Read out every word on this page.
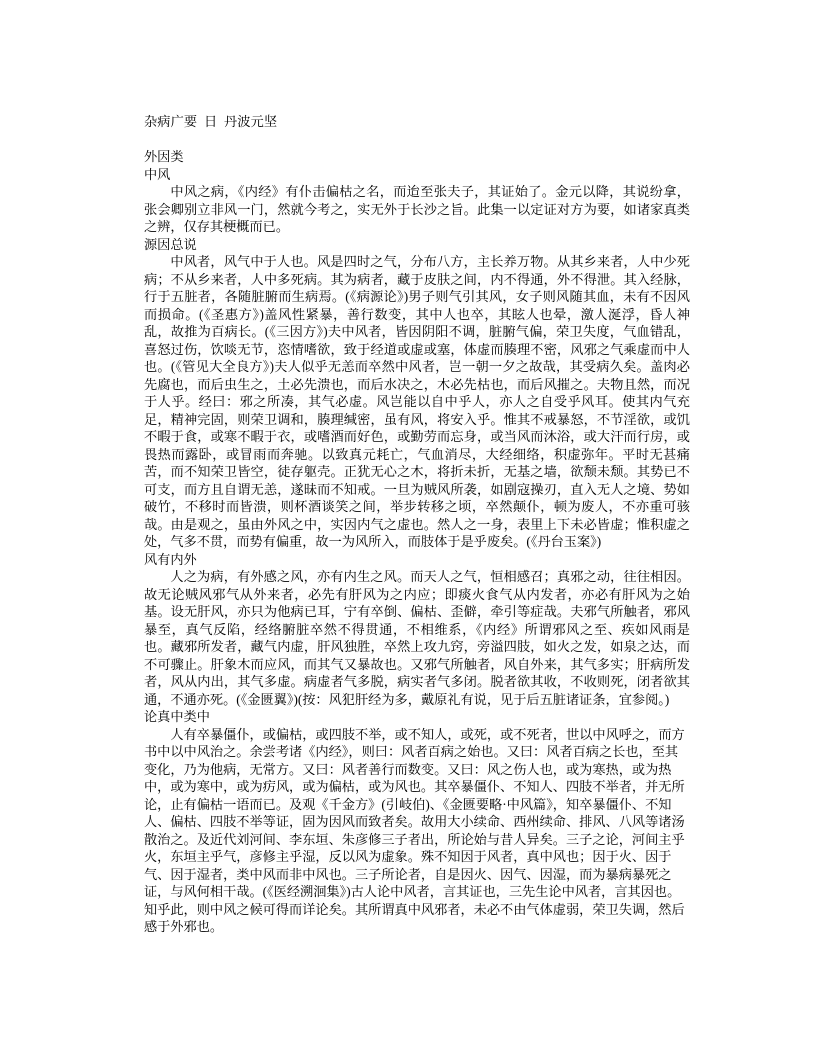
杂病广要  日  丹波元坚
外因类
中风

中风之病，《内经》有仆击偏枯之名，而迨至张夫子，其证始了。金元以降，其说纷拿，张会卿别立非风一门，然就今考之，实无外于长沙之旨。此集一以定证对方为要，如诸家真类之辨，仅存其梗概而已。

源因总说

中风者，风气中于人也。风是四时之气，分布八方，主长养万物。从其乡来者，人中少死病；不从乡来者，人中多死病。其为病者，藏于皮肤之间，内不得通，外不得泄。其入经脉，行于五脏者，各随脏腑而生病焉。(《病源论》)男子则气引其风，女子则风随其血，未有不因风而损命。(《圣惠方》)盖风性紧暴，善行数变，其中人也卒，其眩人也晕，激人涎浮，昏人神乱，故推为百病长。(《三因方》)夫中风者，皆因阴阳不调，脏腑气偏，荣卫失度，气血错乱，喜怒过伤，饮啖无节，恣情嗜欲，致于经道或虚或塞，体虚而腠理不密，风邪之气乘虚而中人也。(《管见大全良方》)夫人似乎无恙而卒然中风者，岂一朝一夕之故哉，其受病久矣。盖肉必先腐也，而后虫生之，土必先溃也，而后水决之，木必先枯也，而后风摧之。夫物且然，而况于人乎。经曰：邪之所凑，其气必虚。风岂能以自中乎人，亦人之自受乎风耳。使其内气充足，精神完固，则荣卫调和，腠理缄密，虽有风，将安入乎。惟其不戒暴怒，不节淫欲，或饥不暇于食，或寒不暇于衣，或嗜酒而好色，或勤劳而忘身，或当风而沐浴，或大汗而行房，或畏热而露卧，或冒雨而奔驰。以致真元耗亡，气血消尽，大经细络，积虚弥年。平时无甚痛苦，而不知荣卫皆空，徒存躯壳。正犹无心之木，将折未折，无基之墙，欲颓未颓。其势已不可支，而方且自谓无恙，遂昧而不知戒。一旦为贼风所袭，如剧寇操刃，直入无人之境、势如破竹，不移时而皆溃，则杯酒谈笑之间，举步转移之顷，卒然颠仆，顿为废人，不亦重可骇哉。由是观之，虽由外风之中，实因内气之虚也。然人之一身，表里上下未必皆虚；惟积虚之处，气多不贯，而势有偏重，故一为风所入，而肢体于是乎废矣。(《丹台玉案》)

风有内外

人之为病，有外感之风，亦有内生之风。而天人之气，恒相感召；真邪之动，往往相因。故无论贼风邪气从外来者，必先有肝风为之内应；即痰火食气从内发者，亦必有肝风为之始基。设无肝风，亦只为他病已耳，宁有卒倒、偏枯、歪僻，牵引等症哉。夫邪气所触者，邪风暴至，真气反陷，经络腑脏卒然不得贯通，不相维系，《内经》所谓邪风之至、疾如风雨是也。藏邪所发者，藏气内虚，肝风独胜，卒然上攻九窍，旁溢四肢，如火之发，如泉之达，而不可骤止。肝象木而应风，而其气又暴故也。又邪气所触者，风自外来，其气多实；肝病所发者，风从内出，其气多虚。病虚者气多脱，病实者气多闭。脱者欲其收，不收则死，闭者欲其通，不通亦死。(《金匮翼》)(按：风犯肝经为多，戴原礼有说，见于后五脏诸证条，宜参阅。)

论真中类中

人有卒暴僵仆，或偏枯，或四肢不举，或不知人，或死，或不死者，世以中风呼之，而方书中以中风治之。余尝考诸《内经》，则曰：风者百病之始也。又曰：风者百病之长也，至其变化，乃为他病，无常方。又曰：风者善行而数变。又曰：风之伤人也，或为寒热，或为热中，或为寒中，或为疠风，或为偏枯，或为风也。其卒暴僵仆、不知人、四肢不举者，并无所论，止有偏枯一语而已。及观《千金方》(引岐伯)、《金匮要略·中风篇》，知卒暴僵仆、不知人、偏枯、四肢不举等证，固为因风而致者矣。故用大小续命、西州续命、排风、八风等诸汤散治之。及近代刘河间、李东垣、朱彦修三子者出，所论始与昔人异矣。三子之论，河间主乎火，东垣主乎气，彦修主乎湿，反以风为虚象。殊不知因于风者，真中风也；因于火、因于气、因于湿者，类中风而非中风也。三子所论者，自是因火、因气、因湿，而为暴病暴死之证，与风何相干哉。(《医经溯洄集》)古人论中风者，言其证也，三先生论中风者，言其因也。知乎此，则中风之候可得而详论矣。其所谓真中风邪者，未必不由气体虚弱，荣卫失调，然后感于外邪也。
